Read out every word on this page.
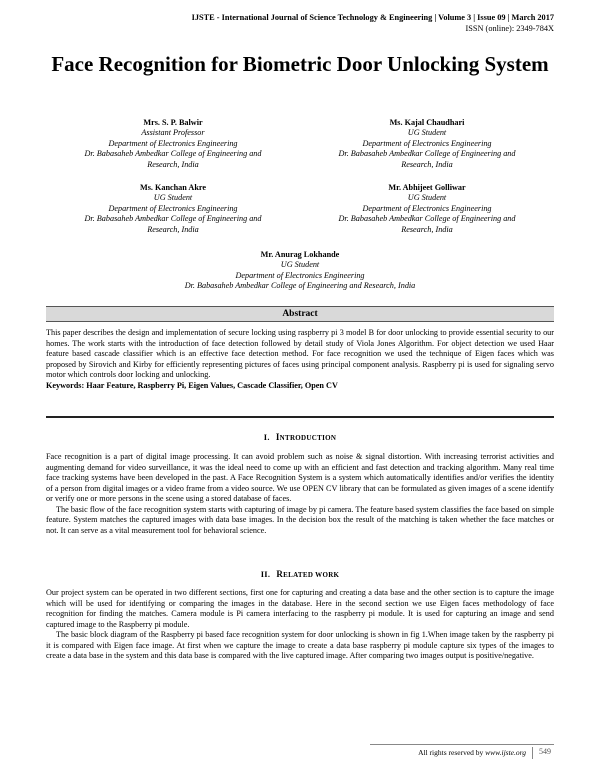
IJSTE - International Journal of Science Technology & Engineering | Volume 3 | Issue 09 | March 2017
ISSN (online): 2349-784X
Face Recognition for Biometric Door Unlocking System
Mrs. S. P. Balwir
Assistant Professor
Department of Electronics Engineering
Dr. Babasaheb Ambedkar College of Engineering and
Research, India
Ms. Kajal Chaudhari
UG Student
Department of Electronics Engineering
Dr. Babasaheb Ambedkar College of Engineering and
Research, India
Ms. Kanchan Akre
UG Student
Department of Electronics Engineering
Dr. Babasaheb Ambedkar College of Engineering and
Research, India
Mr. Abhijeet Golliwar
UG Student
Department of Electronics Engineering
Dr. Babasaheb Ambedkar College of Engineering and
Research, India
Mr. Anurag Lokhande
UG Student
Department of Electronics Engineering
Dr. Babasaheb Ambedkar College of Engineering and Research, India
Abstract

This paper describes the design and implementation of secure locking using raspberry pi 3 model B for door unlocking to provide essential security to our homes. The work starts with the introduction of face detection followed by detail study of Viola Jones Algorithm. For object detection we used Haar feature based cascade classifier which is an effective face detection method. For face recognition we used the technique of Eigen faces which was proposed by Sirovich and Kirby for efficiently representing pictures of faces using principal component analysis. Raspberry pi is used for signaling servo motor which controls door locking and unlocking.

Keywords: Haar Feature, Raspberry Pi, Eigen Values, Cascade Classifier, Open CV

I. INTRODUCTION

Face recognition is a part of digital image processing. It can avoid problem such as noise & signal distortion. With increasing terrorist activities and augmenting demand for video surveillance, it was the ideal need to come up with an efficient and fast detection and tracking algorithm. Many real time face tracking systems have been developed in the past. A Face Recognition System is a system which automatically identifies and/or verifies the identity of a person from digital images or a video frame from a video source. We use OPEN CV library that can be formulated as given images of a scene identify or verify one or more persons in the scene using a stored database of faces.

The basic flow of the face recognition system starts with capturing of image by pi camera. The feature based system classifies the face based on simple feature. System matches the captured images with data base images. In the decision box the result of the matching is taken whether the face matches or not. It can serve as a vital measurement tool for behavioral science.

II. RELATED WORK

Our project system can be operated in two different sections, first one for capturing and creating a data base and the other section is to capture the image which will be used for identifying or comparing the images in the database. Here in the second section we use Eigen faces methodology of face recognition for finding the matches. Camera module is Pi camera interfacing to the raspberry pi module. It is used for capturing an image and send captured image to the Raspberry pi module.

The basic block diagram of the Raspberry pi based face recognition system for door unlocking is shown in fig 1.When image taken by the raspberry pi it is compared with Eigen face image. At first when we capture the image to create a data base raspberry pi module capture six types of the images to create a data base in the system and this data base is compared with the live captured image. After comparing two images output is positive/negative.

All rights reserved by www.ijste.org	549
